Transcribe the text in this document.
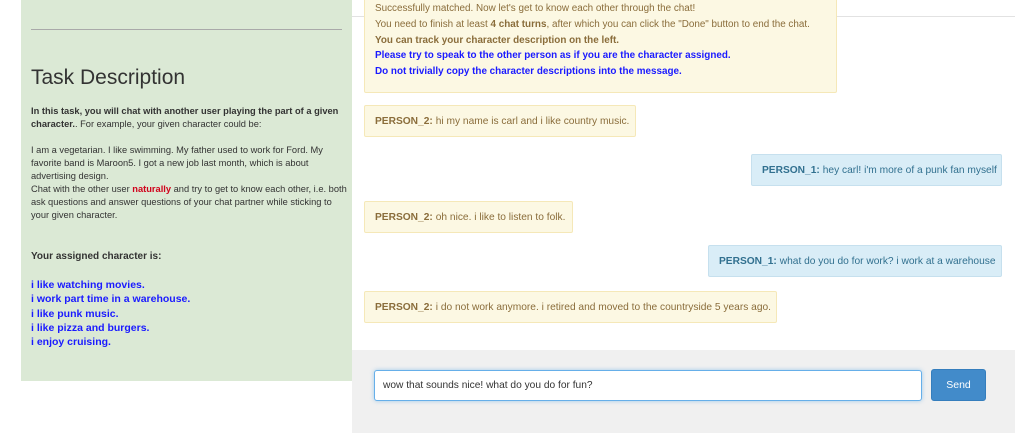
Task Description

In this task, you will chat with another user playing the part of a given character.. For example, your given character could be:

I am a vegetarian. I like swimming. My father used to work for Ford. My favorite band is Maroon5. I got a new job last month, which is about advertising design.

Chat with the other user naturally and try to get to know each other, i.e. both ask questions and answer questions of your chat partner while sticking to your given character.

Your assigned character is:
i like watching movies.
i work part time in a warehouse.
i like punk music.
i like pizza and burgers.
i enjoy cruising.
Successfully matched. Now let's get to know each other through the chat!
You need to finish at least 4 chat turns, after which you can click the "Done" button to end the chat.
You can track your character description on the left.
Please try to speak to the other person as if you are the character assigned.
Do not trivially copy the character descriptions into the message.
PERSON_2: hi my name is carl and i like country music.
PERSON_1: hey carl! i'm more of a punk fan myself
PERSON_2: oh nice. i like to listen to folk.
PERSON_1: what do you do for work? i work at a warehouse
PERSON_2: i do not work anymore. i retired and moved to the countryside 5 years ago.
wow that sounds nice! what do you do for fun?
Send
